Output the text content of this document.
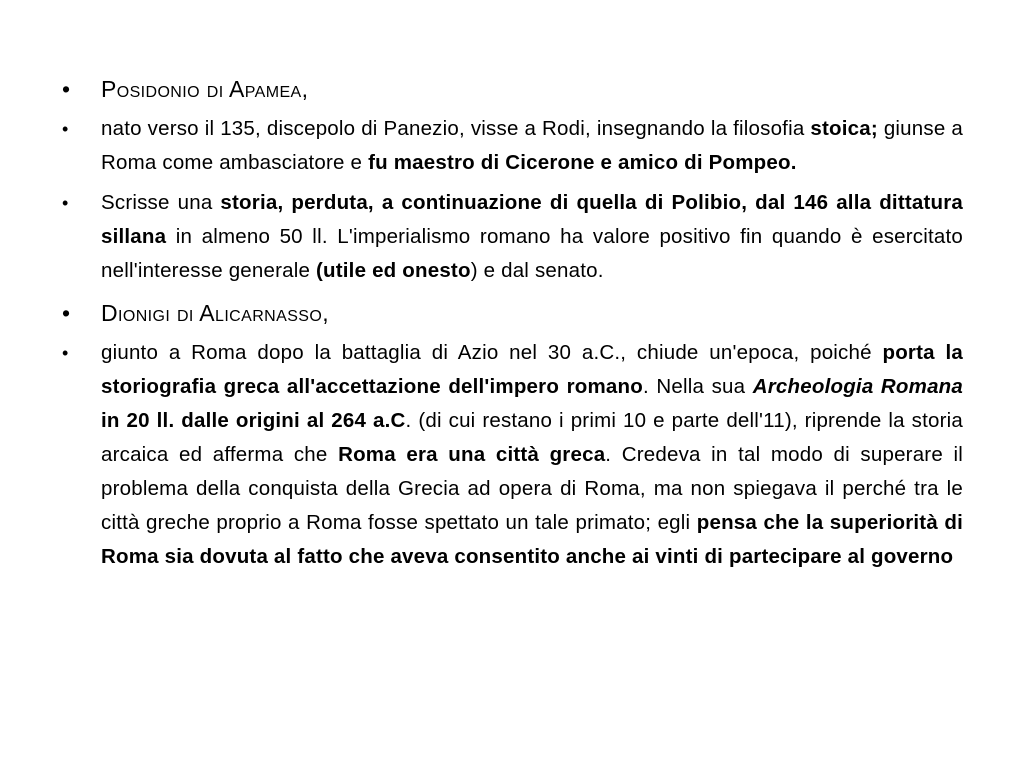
•	Posidonio di Apamea,
•	nato verso il 135, discepolo di Panezio, visse a Rodi, insegnando la filosofia stoica; giunse a Roma come ambasciatore e fu maestro di Cicerone e amico di Pompeo.
•	Scrisse una storia, perduta, a continuazione di quella di Polibio, dal 146 alla dittatura sillana in almeno 50 ll. L'imperialismo romano ha valore positivo fin quando è esercitato nell'interesse generale (utile ed onesto) e dal senato.
•	Dionigi di Alicarnasso,
•	giunto a Roma dopo la battaglia di Azio nel 30 a.C., chiude un'epoca, poiché porta la storiografia greca all'accettazione dell'impero romano. Nella sua Archeologia Romana in 20 ll. dalle origini al 264 a.C. (di cui restano i primi 10 e parte dell'11), riprende la storia arcaica ed afferma che Roma era una città greca. Credeva in tal modo di superare il problema della conquista della Grecia ad opera di Roma, ma non spiegava il perché tra le città greche proprio a Roma fosse spettato un tale primato; egli pensa che la superiorità di Roma sia dovuta al fatto che aveva consentito anche ai vinti di partecipare al governo
